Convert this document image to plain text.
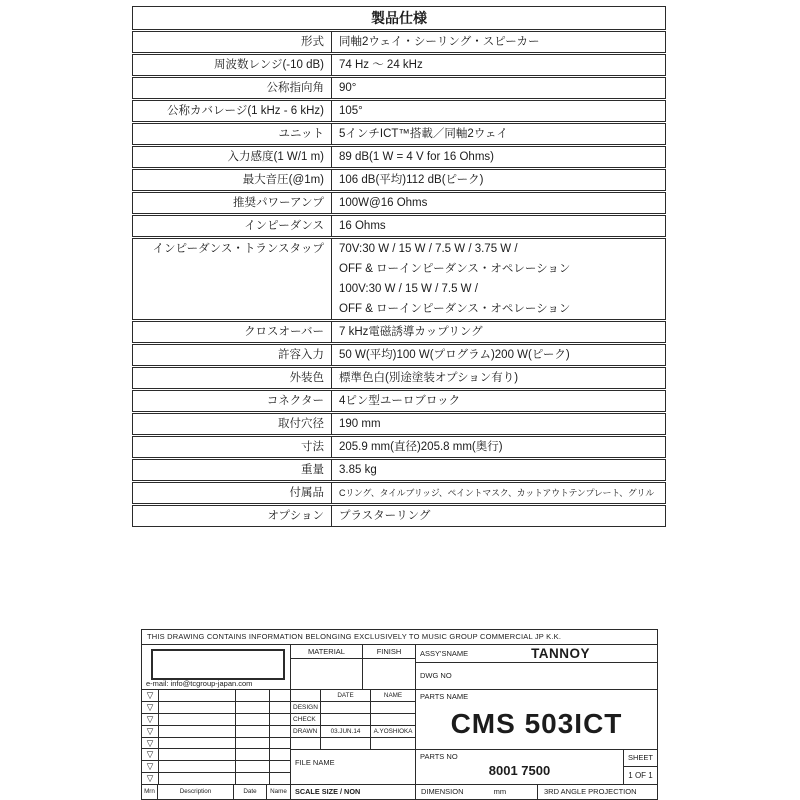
製品仕様
形式	同軸2ウェイ・シーリング・スピーカー
周波数レンジ(-10 dB)	74 Hz ～ 24 kHz
公称指向角	90°
公称カバレージ(1 kHz - 6 kHz)	105°
ユニット	5インチICT™搭載／同軸2ウェイ
入力感度(1 W/1 m)	89 dB(1 W = 4 V for 16 Ohms)
最大音圧(@1m)	106 dB(平均)112 dB(ピーク)
推奨パワーアンプ	100W@16 Ohms
インピーダンス	16 Ohms
インピーダンス・トランスタップ	70V:30 W / 15 W / 7.5 W / 3.75 W /
OFF & ローインピーダンス・オペレーション
100V:30 W / 15 W / 7.5 W /
OFF & ローインピーダンス・オペレーション
クロスオーバー	7 kHz電磁誘導カップリング
許容入力	50 W(平均)100 W(プログラム)200 W(ピーク)
外装色	標準色白(別途塗装オプション有り)
コネクター	4ピン型ユーロブロック
取付穴径	190 mm
寸法	205.9 mm(直径)205.8 mm(奥行)
重量	3.85 kg
付属品	Cリング、タイルブリッジ、ペイントマスク、カットアウトテンプレート、グリル
オプション	プラスターリング
THIS DRAWING CONTAINS INFORMATION BELONGING EXCLUSIVELY TO MUSIC GROUP COMMERCIAL JP K.K.
e-mail: info@tcgroup-japan.com
MATERIAL	FINISH	ASSY'SNAME	TANNOY
DWG NO
▽
▽
▽
▽
▽
▽
▽
▽
DATE	NAME
DESIGN
CHECK
DRAWN	03.JUN.14	A.YOSHIOKA
FILE NAME
PARTS NAME
CMS 503ICT
PARTS NO
8001 7500
SHEET
1 OF 1
Mrn	Description	Date	Name	SCALE SIZE / NON	DIMENSION	mm	3RD ANGLE PROJECTION
